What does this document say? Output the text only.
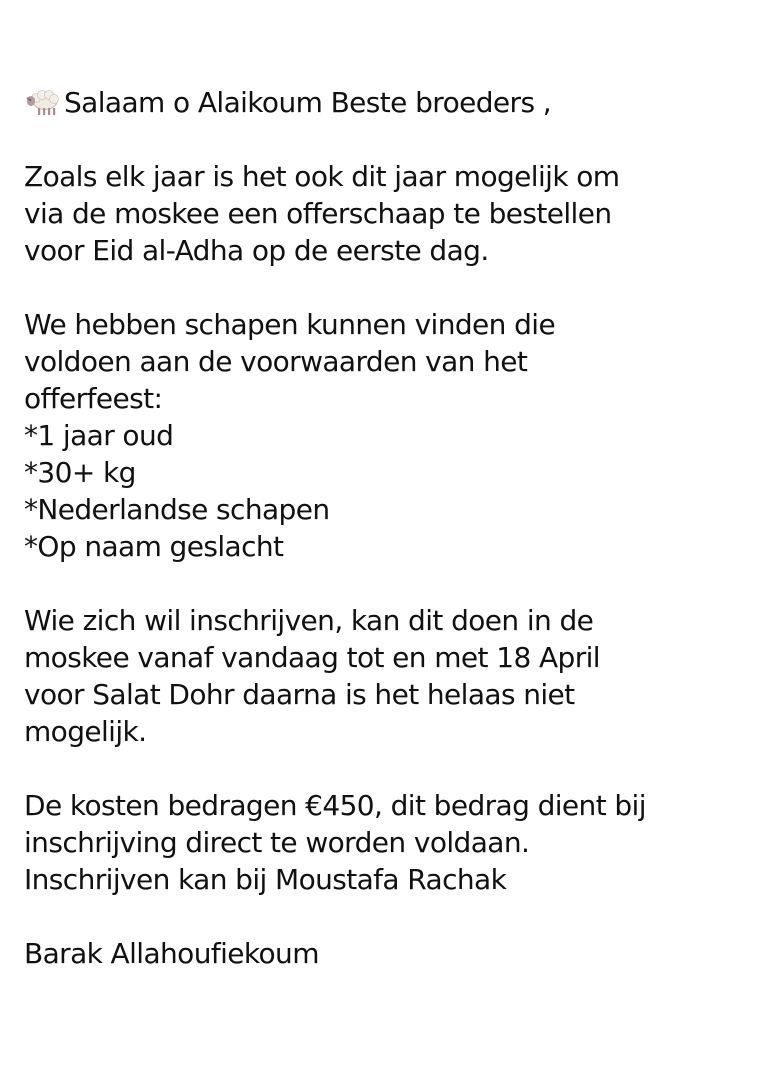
Salaam o Alaikoum Beste broeders ,
Zoals elk jaar is het ook dit jaar mogelijk om
via de moskee een offerschaap te bestellen
voor Eid al-Adha op de eerste dag.
We hebben schapen kunnen vinden die
voldoen aan de voorwaarden van het
offerfeest:
*1 jaar oud
*30+ kg
*Nederlandse schapen
*Op naam geslacht
Wie zich wil inschrijven, kan dit doen in de
moskee vanaf vandaag tot en met 18 April
voor Salat Dohr daarna is het helaas niet
mogelijk.
De kosten bedragen €450, dit bedrag dient bij
inschrijving direct te worden voldaan.
Inschrijven kan bij Moustafa Rachak
Barak Allahoufiekoum
